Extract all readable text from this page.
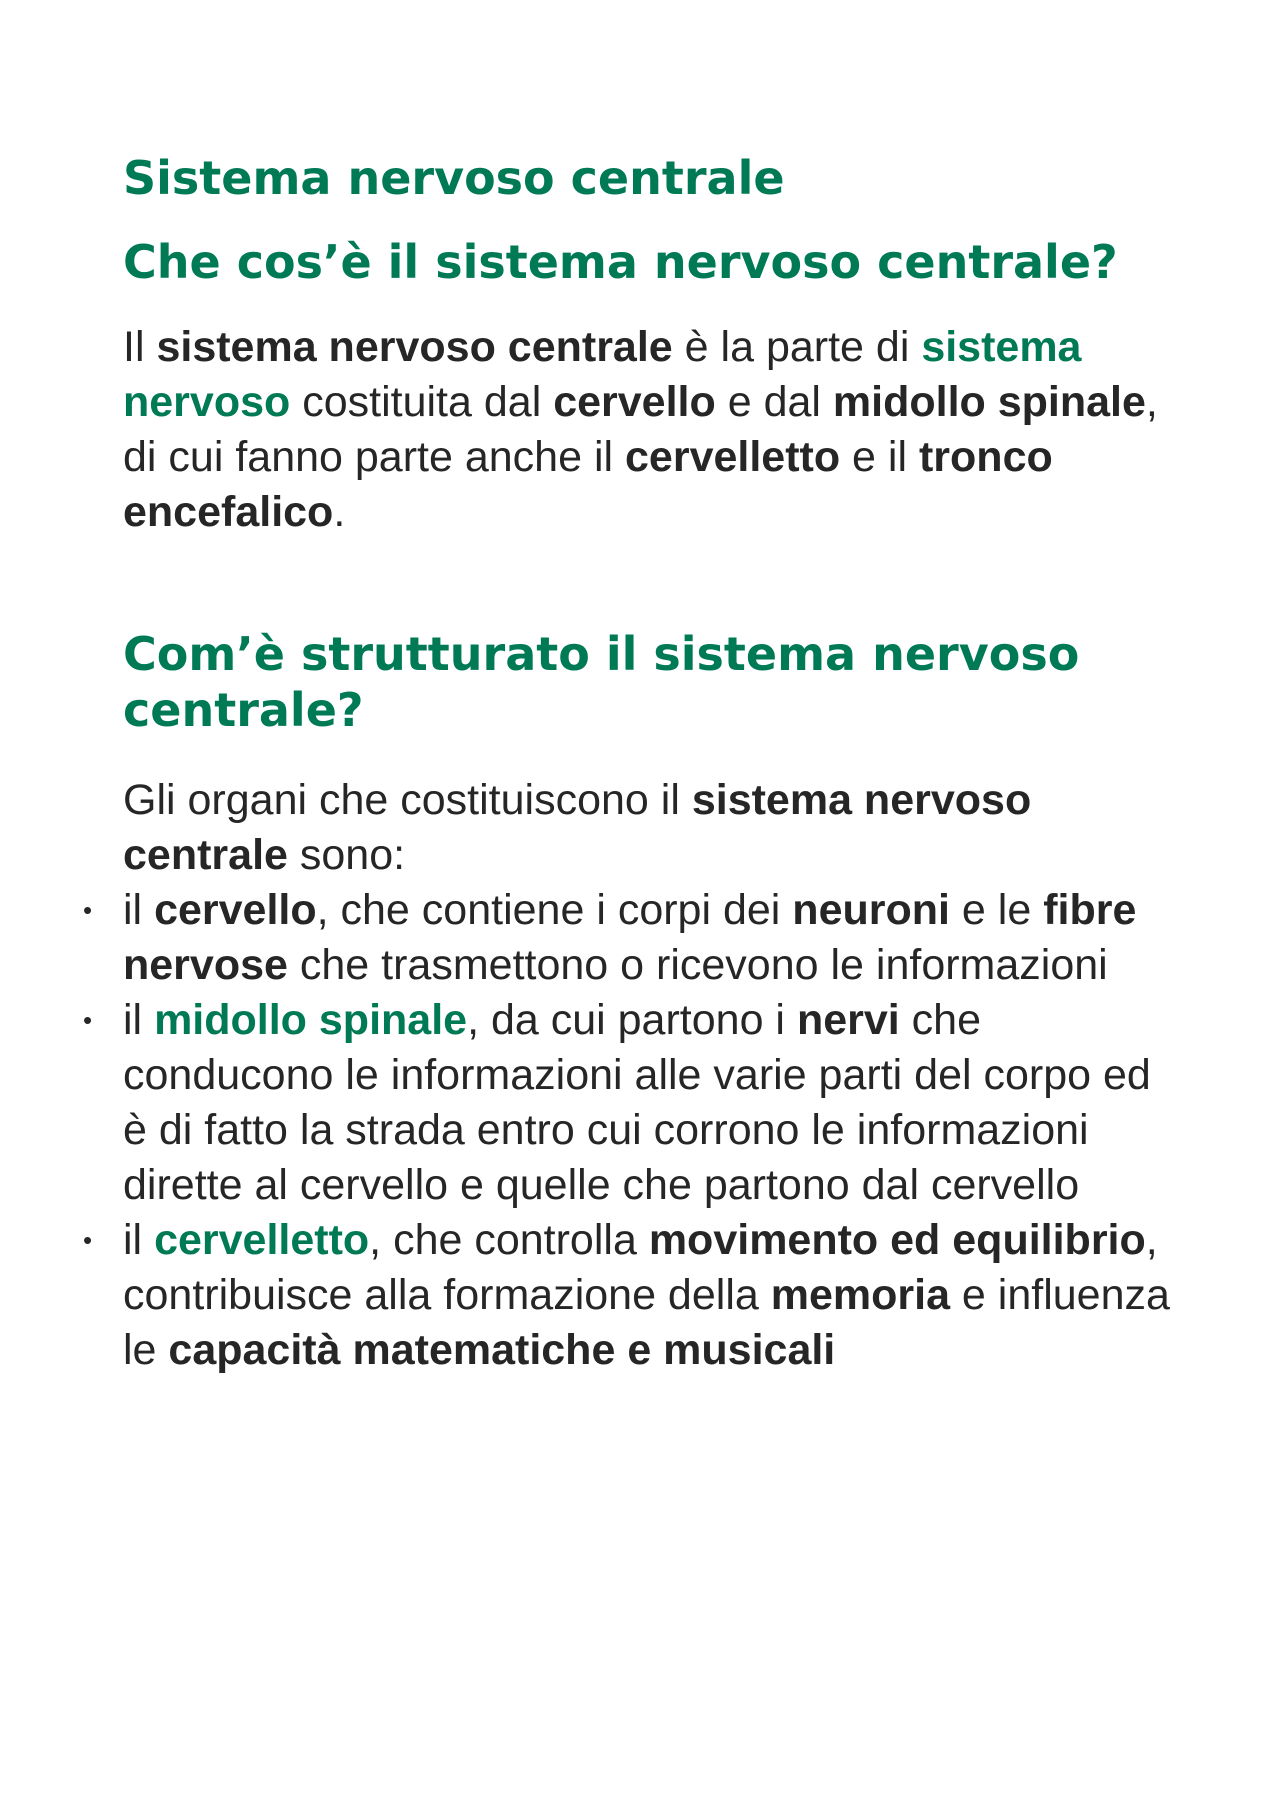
Sistema nervoso centrale
Che cos’è il sistema nervoso centrale?

Il sistema nervoso centrale è la parte di sistema nervoso costituita dal cervello e dal midollo spinale, di cui fanno parte anche il cervelletto e il tronco encefalico.

Com’è strutturato il sistema nervoso centrale?

Gli organi che costituiscono il sistema nervoso centrale sono:

• il cervello, che contiene i corpi dei neuroni e le fibre nervose che trasmettono o ricevono le informazioni
• il midollo spinale, da cui partono i nervi che conducono le informazioni alle varie parti del corpo ed è di fatto la strada entro cui corrono le informazioni dirette al cervello e quelle che partono dal cervello
• il cervelletto, che controlla movimento ed equilibrio, contribuisce alla formazione della memoria e influenza le capacità matematiche e musicali
